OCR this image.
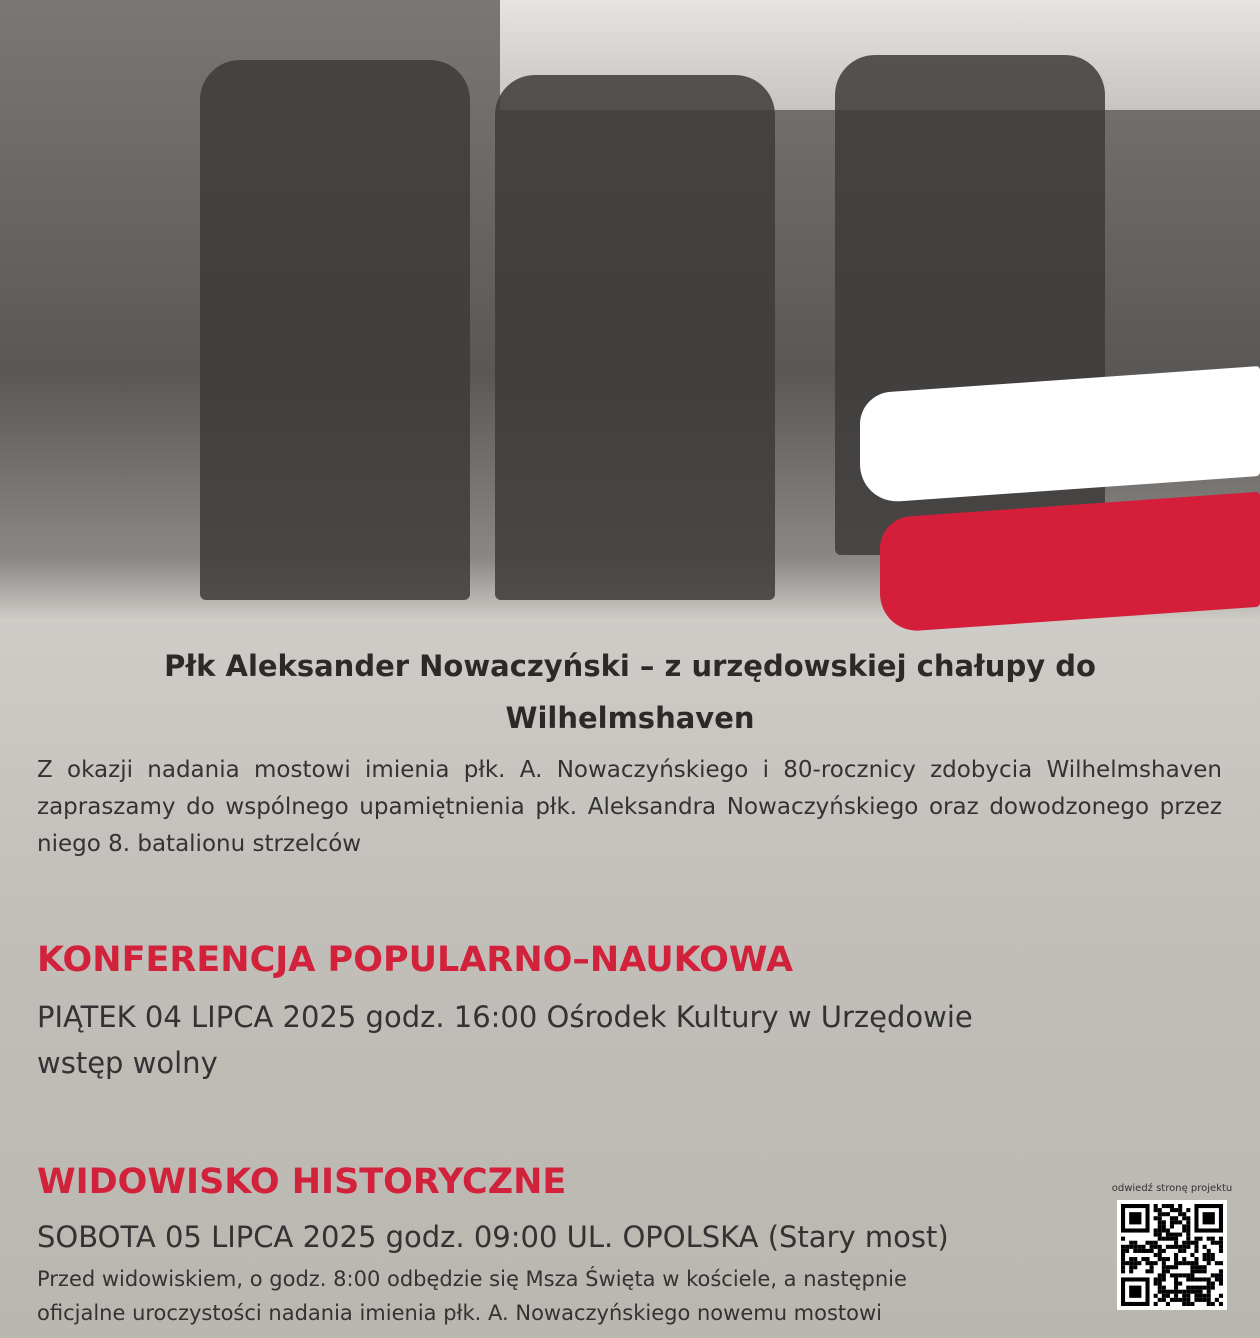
Płk Aleksander Nowaczyński – z urzędowskiej chałupy do
Wilhelmshaven
Z okazji nadania mostowi imienia płk. A. Nowaczyńskiego i 80-rocznicy zdobycia Wilhelmshaven zapraszamy do wspólnego upamiętnienia płk. Aleksandra Nowaczyńskiego oraz dowodzonego przez niego 8. batalionu strzelców
KONFERENCJA POPULARNO–NAUKOWA
PIĄTEK 04 LIPCA 2025 godz. 16:00 Ośrodek Kultury w Urzędowie
wstęp wolny
WIDOWISKO HISTORYCZNE
SOBOTA 05 LIPCA 2025 godz. 09:00 UL. OPOLSKA (Stary most)
Przed widowiskiem, o godz. 8:00 odbędzie się Msza Święta w kościele, a następnie
oficjalne uroczystości nadania imienia płk. A. Nowaczyńskiego nowemu mostowi
odwiedź stronę projektu
